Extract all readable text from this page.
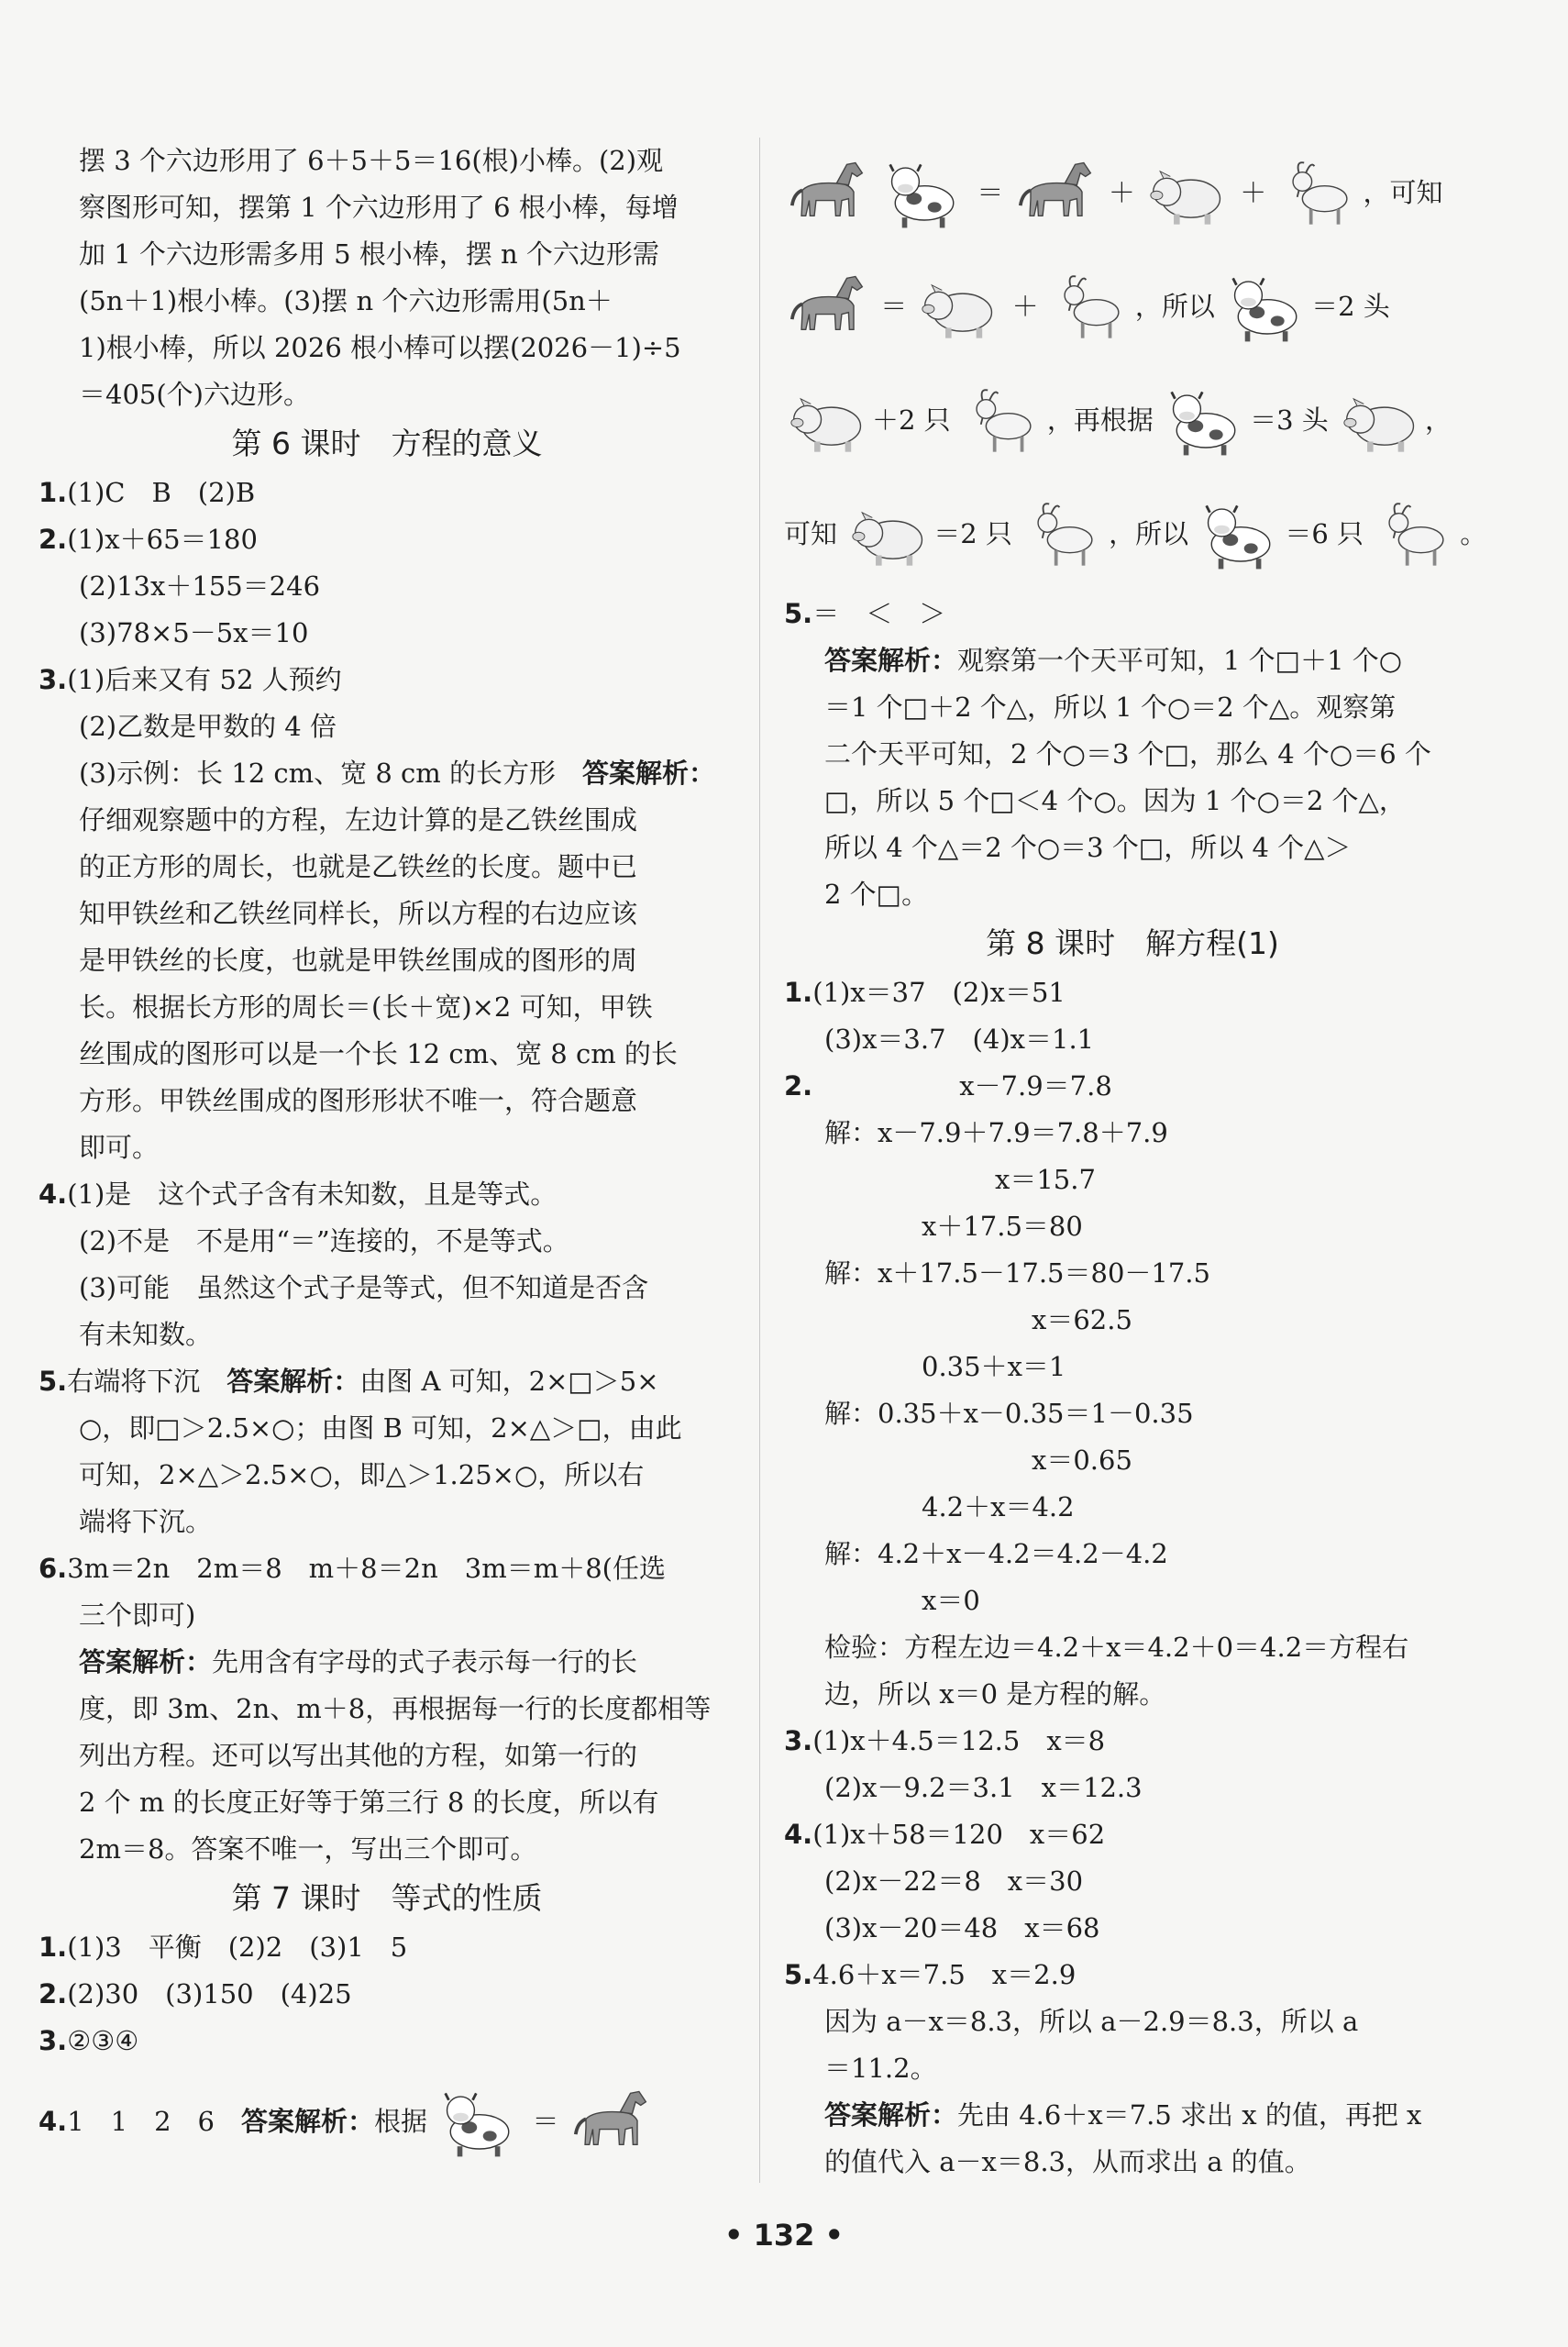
摆 3 个六边形用了 6＋5＋5＝16(根)小棒。(2)观
察图形可知，摆第 1 个六边形用了 6 根小棒，每增
加 1 个六边形需多用 5 根小棒，摆 n 个六边形需
(5n＋1)根小棒。(3)摆 n 个六边形需用(5n＋
1)根小棒，所以 2026 根小棒可以摆(2026－1)÷5
＝405(个)六边形。
第 6 课时　方程的意义
1.(1)C　B　(2)B
2.(1)x＋65＝180
(2)13x＋155＝246
(3)78×5－5x＝10
3.(1)后来又有 52 人预约
(2)乙数是甲数的 4 倍
(3)示例：长 12 cm、宽 8 cm 的长方形　答案解析：
仔细观察题中的方程，左边计算的是乙铁丝围成
的正方形的周长，也就是乙铁丝的长度。题中已
知甲铁丝和乙铁丝同样长，所以方程的右边应该
是甲铁丝的长度，也就是甲铁丝围成的图形的周
长。根据长方形的周长＝(长＋宽)×2 可知，甲铁
丝围成的图形可以是一个长 12 cm、宽 8 cm 的长
方形。甲铁丝围成的图形形状不唯一，符合题意
即可。
4.(1)是　这个式子含有未知数，且是等式。
(2)不是　不是用“＝”连接的，不是等式。
(3)可能　虽然这个式子是等式，但不知道是否含
有未知数。
5.右端将下沉　答案解析：由图 A 可知，2×□＞5×
○，即□＞2.5×○；由图 B 可知，2×△＞□，由此
可知，2×△＞2.5×○，即△＞1.25×○，所以右
端将下沉。
6.3m＝2n　2m＝8　m＋8＝2n　3m＝m＋8(任选
三个即可)
答案解析：先用含有字母的式子表示每一行的长
度，即 3m、2n、m＋8，再根据每一行的长度都相等
列出方程。还可以写出其他的方程，如第一行的
2 个 m 的长度正好等于第三行 8 的长度，所以有
2m＝8。答案不唯一，写出三个即可。
第 7 课时　等式的性质
1.(1)3　平衡　(2)2　(3)1　5
2.(2)30　(3)150　(4)25
3.②③④
4.1　1　2　6　答案解析：根据	＝
＝	＋	＋	，可知
＝	＋	，所以	＝2 头
＋2 只	，再根据	＝3 头	，
可知	＝2 只	，所以	＝6 只	。
5.＝　＜　＞
答案解析：观察第一个天平可知，1 个□＋1 个○
＝1 个□＋2 个△，所以 1 个○＝2 个△。观察第
二个天平可知，2 个○＝3 个□，那么 4 个○＝6 个
□，所以 5 个□＜4 个○。因为 1 个○＝2 个△，
所以 4 个△＝2 个○＝3 个□，所以 4 个△＞
2 个□。
第 8 课时　解方程(1)
1.(1)x＝37　(2)x＝51
(3)x＝3.7　(4)x＝1.1
2.	x－7.9＝7.8
解：x－7.9＋7.9＝7.8＋7.9
x＝15.7
x＋17.5＝80
解：x＋17.5－17.5＝80－17.5
x＝62.5
0.35＋x＝1
解：0.35＋x－0.35＝1－0.35
x＝0.65
4.2＋x＝4.2
解：4.2＋x－4.2＝4.2－4.2
x＝0
检验：方程左边＝4.2＋x＝4.2＋0＝4.2＝方程右
边，所以 x＝0 是方程的解。
3.(1)x＋4.5＝12.5　x＝8
(2)x－9.2＝3.1　x＝12.3
4.(1)x＋58＝120　x＝62
(2)x－22＝8　x＝30
(3)x－20＝48　x＝68
5.4.6＋x＝7.5　x＝2.9
因为 a－x＝8.3，所以 a－2.9＝8.3，所以 a
＝11.2。
答案解析：先由 4.6＋x＝7.5 求出 x 的值，再把 x
的值代入 a－x＝8.3，从而求出 a 的值。
• 132 •
